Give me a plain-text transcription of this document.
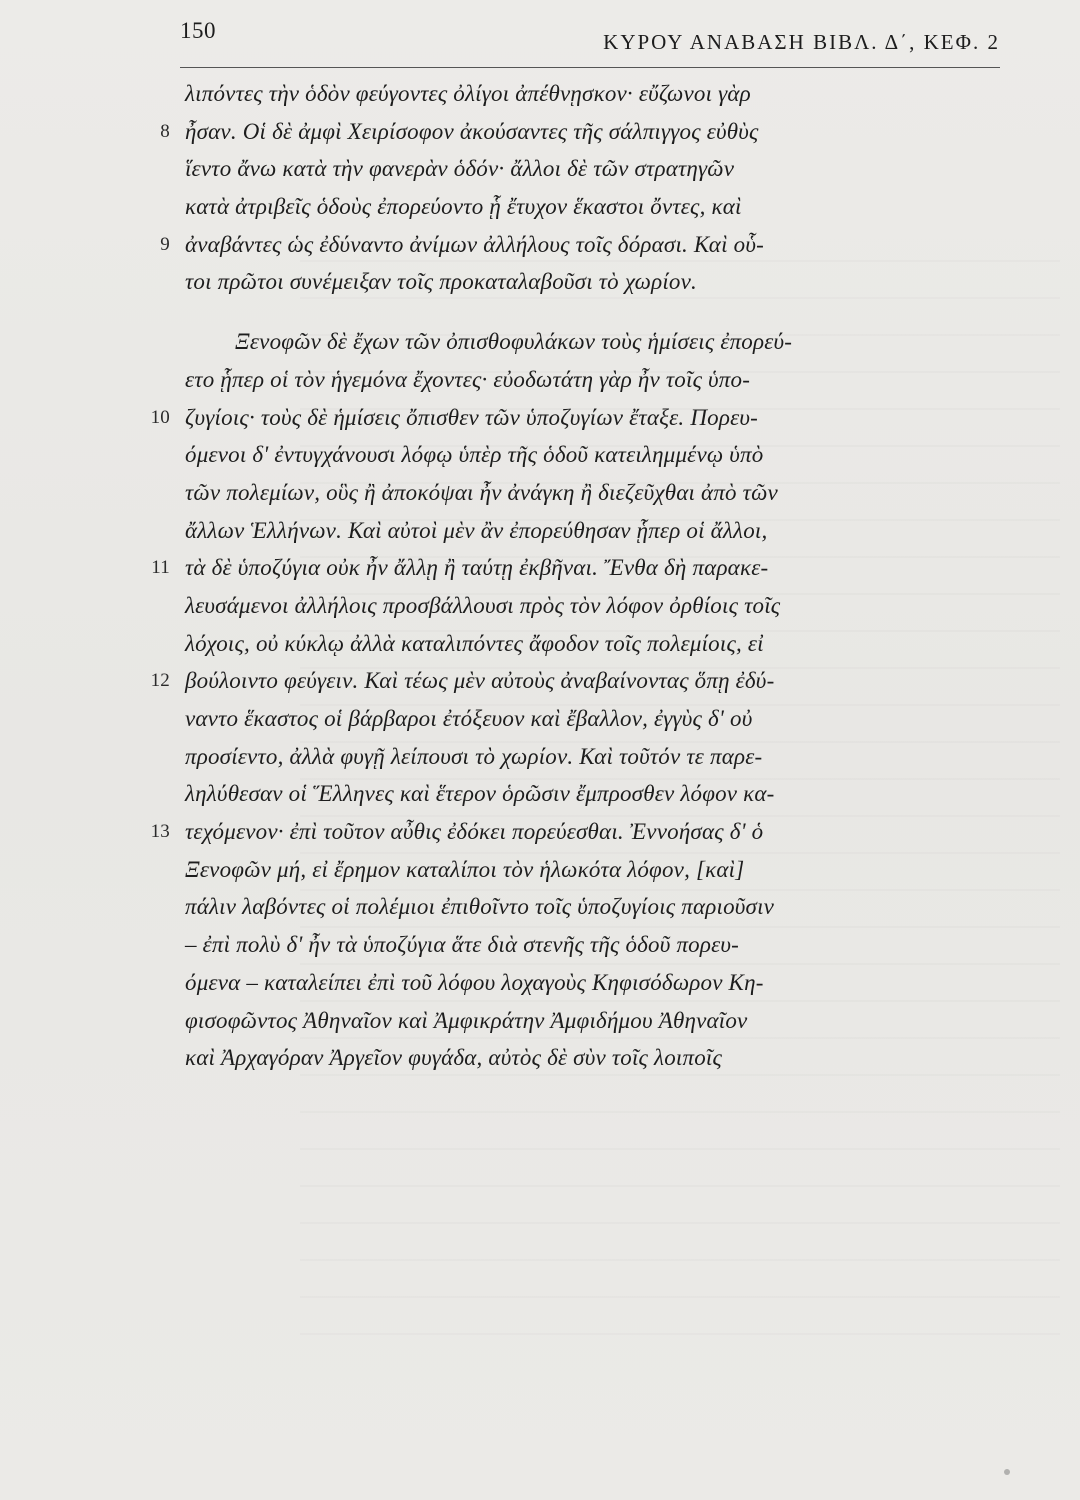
150	ΚΥΡΟΥ ΑΝΑΒΑΣΗ ΒΙΒΛ. Δ΄, ΚΕΦ. 2
λιπόντες τὴν ὁδὸν φεύγοντες ὀλίγοι ἀπέθνῃσκον· εὔζωνοι γὰρ
8 ἦσαν. Οἱ δὲ ἀμφὶ Χειρίσοφον ἀκούσαντες τῆς σάλπιγγος εὐθὺς
ἵεντο ἄνω κατὰ τὴν φανερὰν ὁδόν· ἄλλοι δὲ τῶν στρατηγῶν
κατὰ ἀτριβεῖς ὁδοὺς ἐπορεύοντο ᾗ ἔτυχον ἕκαστοι ὄντες, καὶ
9 ἀναβάντες ὡς ἐδύναντο ἀνίμων ἀλλήλους τοῖς δόρασι. Καὶ οὗ-
τοι πρῶτοι συνέμειξαν τοῖς προκαταλαβοῦσι τὸ χωρίον.
Ξενοφῶν δὲ ἔχων τῶν ὀπισθοφυλάκων τοὺς ἡμίσεις ἐπορεύ-
ετο ᾗπερ οἱ τὸν ἡγεμόνα ἔχοντες· εὐοδωτάτη γὰρ ἦν τοῖς ὑπο-
10 ζυγίοις· τοὺς δὲ ἡμίσεις ὄπισθεν τῶν ὑποζυγίων ἔταξε. Πορευ-
όμενοι δ' ἐντυγχάνουσι λόφῳ ὑπὲρ τῆς ὁδοῦ κατειλημμένῳ ὑπὸ
τῶν πολεμίων, οὓς ἢ ἀποκόψαι ἦν ἀνάγκη ἢ διεζεῦχθαι ἀπὸ τῶν
ἄλλων Ἑλλήνων. Καὶ αὐτοὶ μὲν ἂν ἐπορεύθησαν ᾗπερ οἱ ἄλλοι,
11 τὰ δὲ ὑποζύγια οὐκ ἦν ἄλλῃ ἢ ταύτῃ ἐκβῆναι. Ἔνθα δὴ παρακε-
λευσάμενοι ἀλλήλοις προσβάλλουσι πρὸς τὸν λόφον ὀρθίοις τοῖς
λόχοις, οὐ κύκλῳ ἀλλὰ καταλιπόντες ἄφοδον τοῖς πολεμίοις, εἰ
12 βούλοιντο φεύγειν. Καὶ τέως μὲν αὐτοὺς ἀναβαίνοντας ὅπῃ ἐδύ-
ναντο ἕκαστος οἱ βάρβαροι ἐτόξευον καὶ ἔβαλλον, ἐγγὺς δ' οὐ
προσίεντο, ἀλλὰ φυγῇ λείπουσι τὸ χωρίον. Καὶ τοῦτόν τε παρε-
ληλύθεσαν οἱ Ἕλληνες καὶ ἕτερον ὁρῶσιν ἔμπροσθεν λόφον κα-
13 τεχόμενον· ἐπὶ τοῦτον αὖθις ἐδόκει πορεύεσθαι. Ἐννοήσας δ' ὁ
Ξενοφῶν μή, εἰ ἔρημον καταλίποι τὸν ἡλωκότα λόφον, [καὶ]
πάλιν λαβόντες οἱ πολέμιοι ἐπιθοῖντο τοῖς ὑποζυγίοις παριοῦσιν
– ἐπὶ πολὺ δ' ἦν τὰ ὑποζύγια ἅτε διὰ στενῆς τῆς ὁδοῦ πορευ-
όμενα – καταλείπει ἐπὶ τοῦ λόφου λοχαγοὺς Κηφισόδωρον Κη-
φισοφῶντος Ἀθηναῖον καὶ Ἀμφικράτην Ἀμφιδήμου Ἀθηναῖον
καὶ Ἀρχαγόραν Ἀργεῖον φυγάδα, αὐτὸς δὲ σὺν τοῖς λοιποῖς
